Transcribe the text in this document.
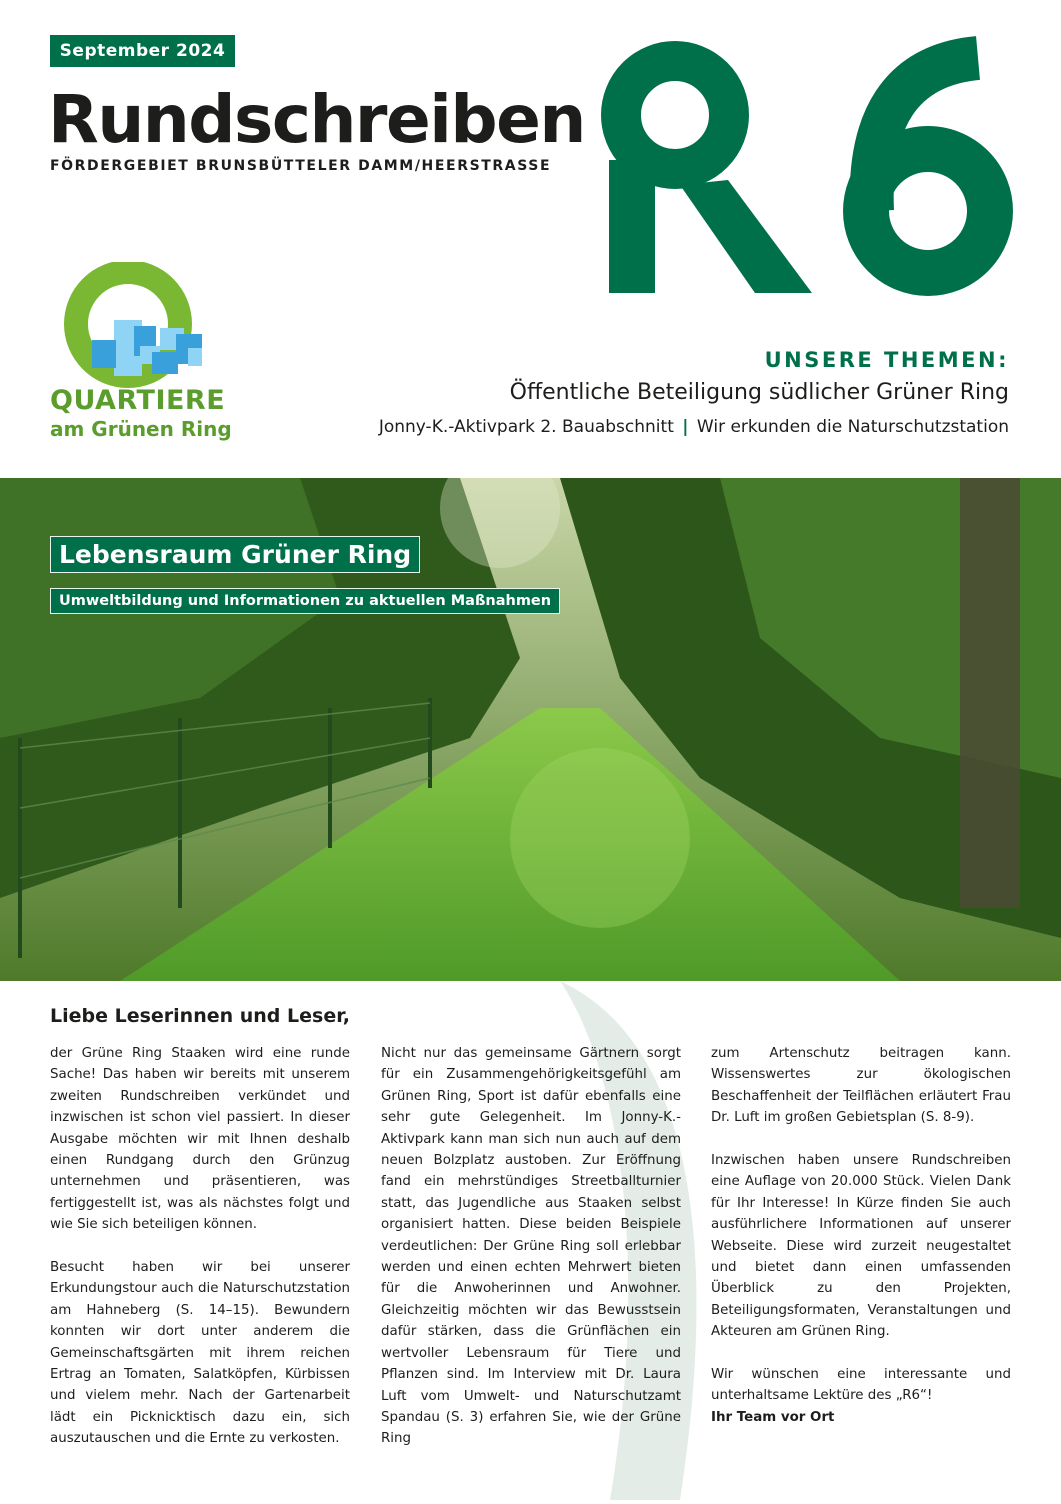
September 2024
Rundschreiben
FÖRDERGEBIET BRUNSBÜTTELER DAMM/HEERSTRASSE
QUARTIERE
am Grünen Ring
UNSERE THEMEN:
Öffentliche Beteiligung südlicher Grüner Ring
Jonny-K.-Aktivpark 2. Bauabschnitt | Wir erkunden die Naturschutzstation
Lebensraum Grüner Ring
Umweltbildung und Informationen zu aktuellen Maßnahmen
Liebe Leserinnen und Leser,

der Grüne Ring Staaken wird eine runde Sache! Das haben wir bereits mit unserem zweiten Rundschreiben verkündet und inzwischen ist schon viel passiert. In dieser Ausgabe möchten wir mit Ihnen deshalb einen Rundgang durch den Grünzug unternehmen und präsentieren, was fertiggestellt ist, was als nächstes folgt und wie Sie sich beteiligen können.

Besucht haben wir bei unserer Erkundungstour auch die Naturschutzstation am Hahneberg (S. 14–15). Bewundern konnten wir dort unter anderem die Gemeinschaftsgärten mit ihrem reichen Ertrag an Tomaten, Salatköpfen, Kürbissen und vielem mehr. Nach der Gartenarbeit lädt ein Picknicktisch dazu ein, sich auszutauschen und die Ernte zu verkosten.

Nicht nur das gemeinsame Gärtnern sorgt für ein Zusammengehörigkeitsgefühl am Grünen Ring, Sport ist dafür ebenfalls eine sehr gute Gelegenheit. Im Jonny-K.-Aktivpark kann man sich nun auch auf dem neuen Bolzplatz austoben. Zur Eröffnung fand ein mehrstündiges Streetballturnier statt, das Jugendliche aus Staaken selbst organisiert hatten. Diese beiden Beispiele verdeutlichen: Der Grüne Ring soll erlebbar werden und einen echten Mehrwert bieten für die Anwoherinnen und Anwohner. Gleichzeitig möchten wir das Bewusstsein dafür stärken, dass die Grünflächen ein wertvoller Lebensraum für Tiere und Pflanzen sind. Im Interview mit Dr. Laura Luft vom Umwelt- und Naturschutzamt Spandau (S. 3) erfahren Sie, wie der Grüne Ring

zum Artenschutz beitragen kann. Wissenswertes zur ökologischen Beschaffenheit der Teilflächen erläutert Frau Dr. Luft im großen Gebietsplan (S. 8-9).

Inzwischen haben unsere Rundschreiben eine Auflage von 20.000 Stück. Vielen Dank für Ihr Interesse! In Kürze finden Sie auch ausführlichere Informationen auf unserer Webseite. Diese wird zurzeit neugestaltet und bietet dann einen umfassenden Überblick zu den Projekten, Beteiligungsformaten, Veranstaltungen und Akteuren am Grünen Ring.

Wir wünschen eine interessante und unterhaltsame Lektüre des „R6“!

Ihr Team vor Ort
